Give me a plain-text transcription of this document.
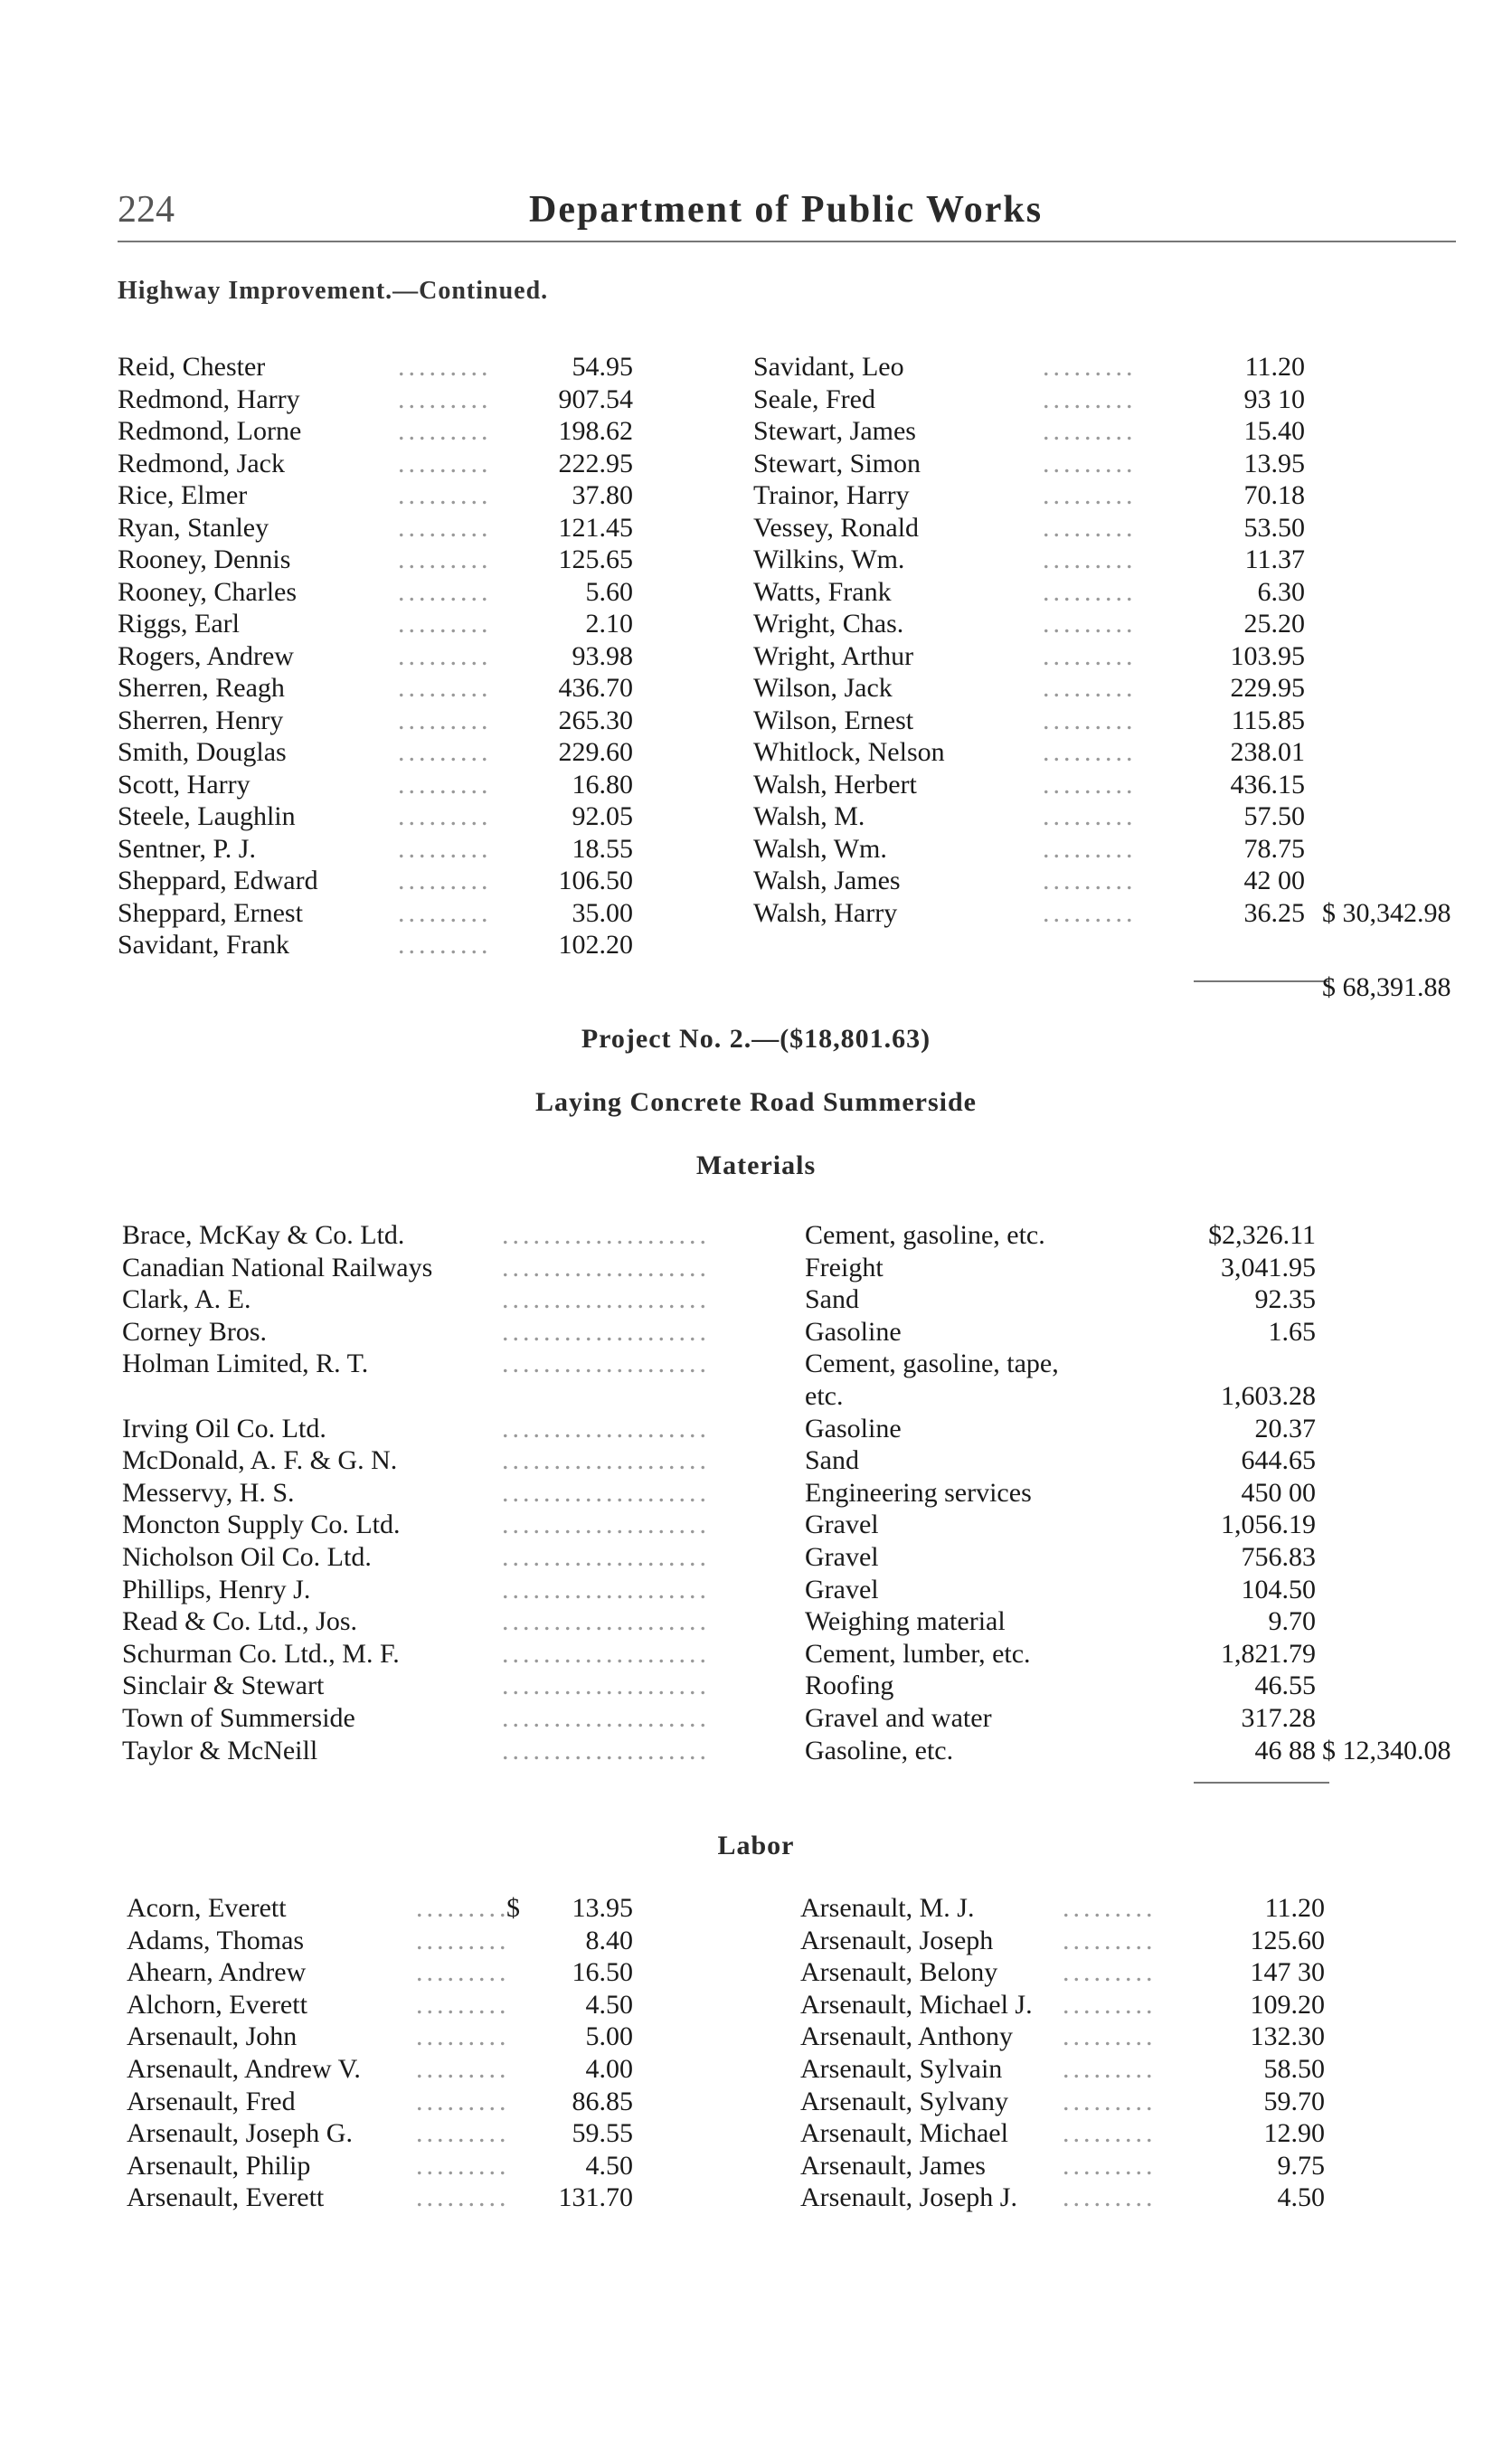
224	Department of Public Works
Highway Improvement.—Continued.
Reid, Chester	.........	54.95
Redmond, Harry	.........	907.54
Redmond, Lorne	.........	198.62
Redmond, Jack	.........	222.95
Rice, Elmer	.........	37.80
Ryan, Stanley	.........	121.45
Rooney, Dennis	.........	125.65
Rooney, Charles	.........	5.60
Riggs, Earl	.........	2.10
Rogers, Andrew	.........	93.98
Sherren, Reagh	.........	436.70
Sherren, Henry	.........	265.30
Smith, Douglas	.........	229.60
Scott, Harry	.........	16.80
Steele, Laughlin	.........	92.05
Sentner, P. J.	.........	18.55
Sheppard, Edward	.........	106.50
Sheppard, Ernest	.........	35.00
Savidant, Frank	.........	102.20
Savidant, Leo	.........	11.20
Seale, Fred	.........	93 10
Stewart, James	.........	15.40
Stewart, Simon	.........	13.95
Trainor, Harry	.........	70.18
Vessey, Ronald	.........	53.50
Wilkins, Wm.	.........	11.37
Watts, Frank	.........	6.30
Wright, Chas.	.........	25.20
Wright, Arthur	.........	103.95
Wilson, Jack	.........	229.95
Wilson, Ernest	.........	115.85
Whitlock, Nelson	.........	238.01
Walsh, Herbert	.........	436.15
Walsh, M.	.........	57.50
Walsh, Wm.	.........	78.75
Walsh, James	.........	42 00
Walsh, Harry	.........	36.25 $ 30,342.98
$ 68,391.88
Project No. 2.—($18,801.63)
Laying Concrete Road Summerside
Materials
Brace, McKay & Co. Ltd.	....................	Cement, gasoline, etc.	$2,326.11
Canadian National Railways	....................	Freight	3,041.95
Clark, A. E.	....................	Sand	92.35
Corney Bros.	....................	Gasoline	1.65
Holman Limited, R. T.	....................	Cement, gasoline, tape,
etc.	1,603.28
Irving Oil Co. Ltd.	....................	Gasoline	20.37
McDonald, A. F. & G. N.	....................	Sand	644.65
Messervy, H. S.	....................	Engineering services	450 00
Moncton Supply Co. Ltd.	....................	Gravel	1,056.19
Nicholson Oil Co. Ltd.	....................	Gravel	756.83
Phillips, Henry J.	....................	Gravel	104.50
Read & Co. Ltd., Jos.	....................	Weighing material	9.70
Schurman Co. Ltd., M. F.	....................	Cement, lumber, etc.	1,821.79
Sinclair & Stewart	....................	Roofing	46.55
Town of Summerside	....................	Gravel and water	317.28
Taylor & McNeill	....................	Gasoline, etc.	46 88 $ 12,340.08
Labor
Acorn, Everett	.........	13.95
$
Adams, Thomas	.........	8.40
Ahearn, Andrew	.........	16.50
Alchorn, Everett	.........	4.50
Arsenault, John	.........	5.00
Arsenault, Andrew V. .........	4.00
Arsenault, Fred	.........	86.85
Arsenault, Joseph G. .........	59.55
Arsenault, Philip	.........	4.50
Arsenault, Everett	.........	131.70
Arsenault, M. J.	.........	11.20
Arsenault, Joseph	.........	125.60
Arsenault, Belony .........	147 30
Arsenault, Michael J. .........	109.20
Arsenault, Anthony .........	132.30
Arsenault, Sylvain .........	58.50
Arsenault, Sylvany .........	59.70
Arsenault, Michael .........	12.90
Arsenault, James	.........	9.75
Arsenault, Joseph J. .........	4.50
